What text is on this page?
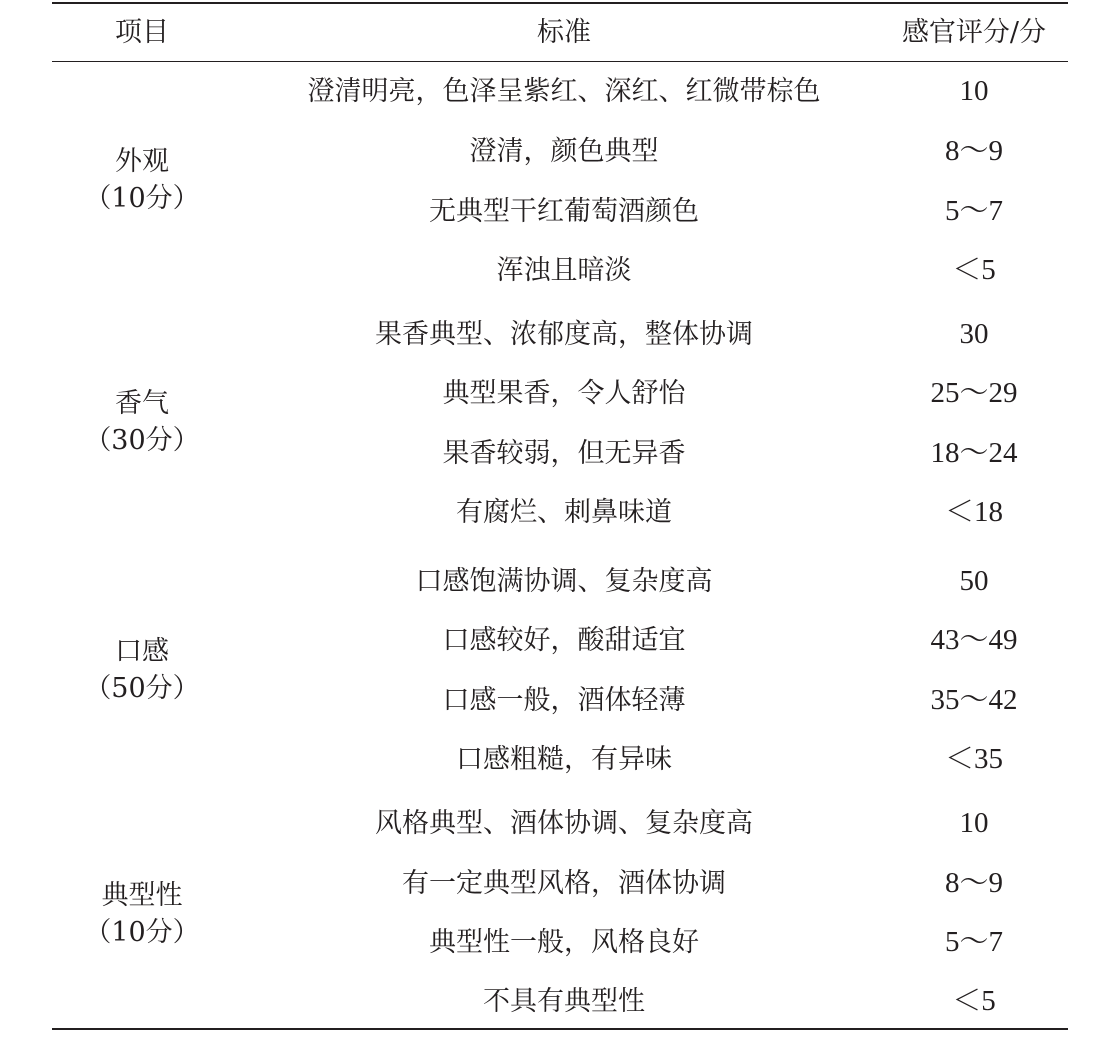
项目	标准	感官评分/分
外观
（10分）
澄清明亮，色泽呈紫红、深红、红微带棕色	10
澄清，颜色典型	8～9
无典型干红葡萄酒颜色	5～7
浑浊且暗淡	＜5
香气
（30分）
果香典型、浓郁度高，整体协调	30
典型果香，令人舒怡	25～29
果香较弱，但无异香	18～24
有腐烂、刺鼻味道	＜18
口感
（50分）
口感饱满协调、复杂度高	50
口感较好，酸甜适宜	43～49
口感一般，酒体轻薄	35～42
口感粗糙，有异味	＜35
典型性
（10分）
风格典型、酒体协调、复杂度高	10
有一定典型风格，酒体协调	8～9
典型性一般，风格良好	5～7
不具有典型性	＜5
